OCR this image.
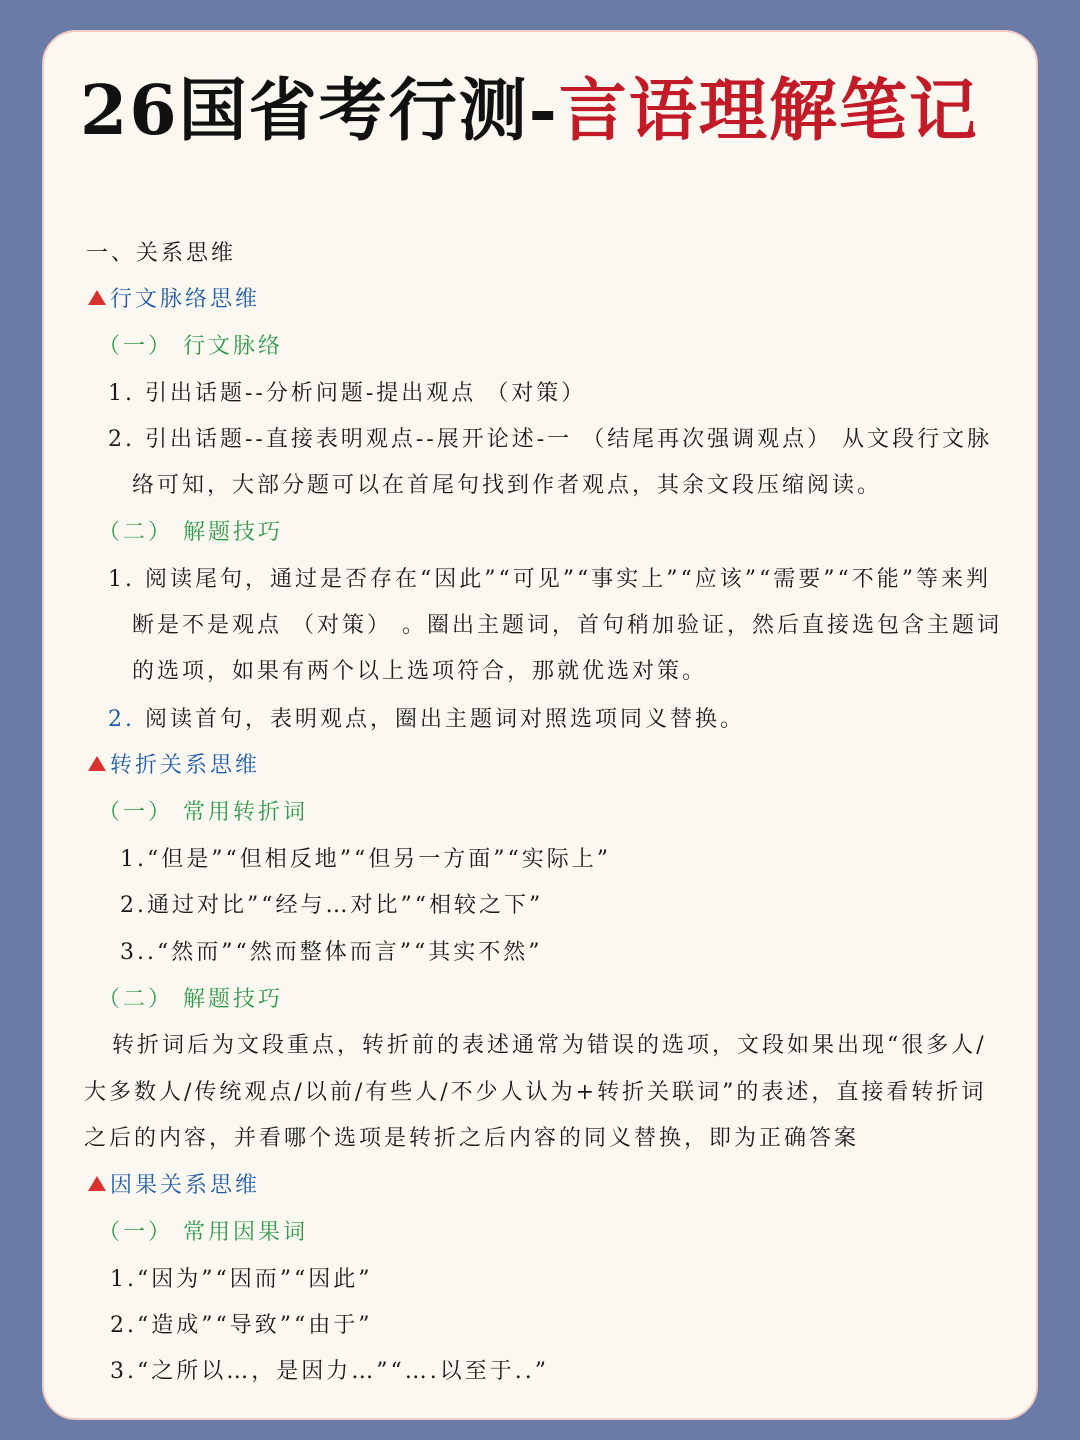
26国省考行测-言语理解笔记
一、关系思维
行文脉络思维
（一） 行文脉络
1. 引出话题--分析问题-提出观点 （对策）
2. 引出话题--直接表明观点--展开论述-一 （结尾再次强调观点） 从文段行文脉
络可知，大部分题可以在首尾句找到作者观点，其余文段压缩阅读。
（二） 解题技巧
1. 阅读尾句，通过是否存在“因此”“可见”“事实上”“应该”“需要”“不能”等来判
断是不是观点 （对策） 。圈出主题词，首句稍加验证，然后直接选包含主题词
的选项，如果有两个以上选项符合，那就优选对策。
2. 阅读首句，表明观点，圈出主题词对照选项同义替换。
转折关系思维
（一） 常用转折词
1.“但是”“但相反地”“但另一方面”“实际上”
2.通过对比”“经与…对比”“相较之下”
3..“然而”“然而整体而言”“其实不然”
（二） 解题技巧
转折词后为文段重点，转折前的表述通常为错误的选项，文段如果出现“很多人/
大多数人/传统观点/以前/有些人/不少人认为+转折关联词”的表述，直接看转折词
之后的内容，并看哪个选项是转折之后内容的同义替换，即为正确答案
因果关系思维
（一） 常用因果词
1.“因为”“因而”“因此”
2.“造成”“导致”“由于”
3.“之所以…，是因力…”“….以至于..”
